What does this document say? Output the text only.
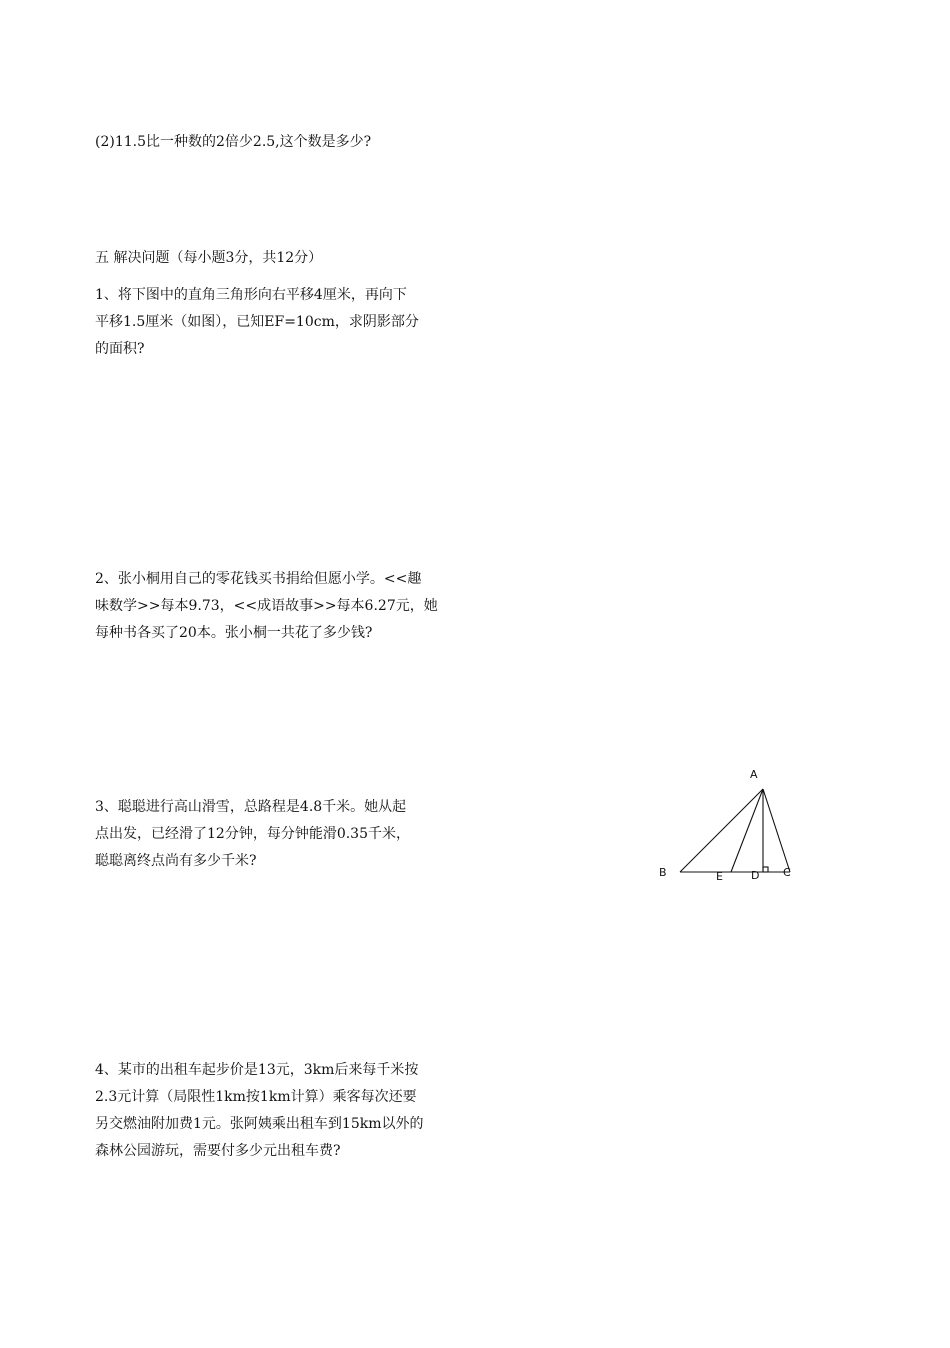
(2)11.5比一种数的2倍少2.5,这个数是多少?
五 解决问题（每小题3分，共12分）
1、将下图中的直角三角形向右平移4厘米，再向下
平移1.5厘米（如图），已知EF=10cm，求阴影部分
的面积?
2、张小桐用自己的零花钱买书捐给但愿小学。<<趣
味数学>>每本9.73，<<成语故事>>每本6.27元，她
每种书各买了20本。张小桐一共花了多少钱?
3、聪聪进行高山滑雪，总路程是4.8千米。她从起
点出发，已经滑了12分钟，每分钟能滑0.35千米，
聪聪离终点尚有多少千米?
4、某市的出租车起步价是13元，3km后来每千米按
2.3元计算（局限性1km按1km计算）乘客每次还要
另交燃油附加费1元。张阿姨乘出租车到15km以外的
森林公园游玩，需要付多少元出租车费?
A
B	E	D C
